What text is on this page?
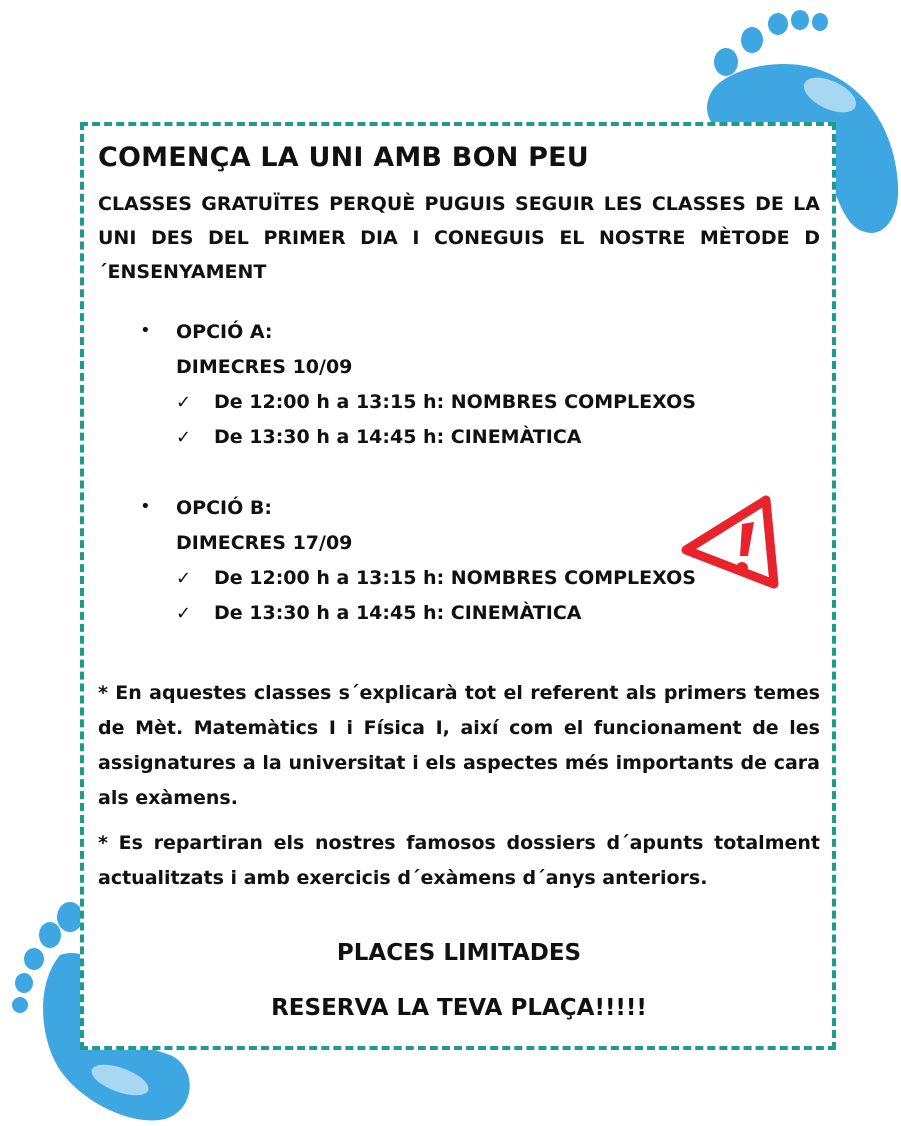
COMENÇA LA UNI AMB BON PEU

CLASSES GRATUÏTES PERQUÈ PUGUIS SEGUIR LES CLASSES DE LA UNI DES DEL PRIMER DIA I CONEGUIS EL NOSTRE MÈTODE D´ENSENYAMENT

• OPCIÓ A:
DIMECRES 10/09
✓ De 12:00 h a 13:15 h: NOMBRES COMPLEXOS
✓ De 13:30 h a 14:45 h: CINEMÀTICA
• OPCIÓ B:
DIMECRES 17/09
✓ De 12:00 h a 13:15 h: NOMBRES COMPLEXOS
✓ De 13:30 h a 14:45 h: CINEMÀTICA

* En aquestes classes s´explicarà tot el referent als primers temes de Mèt. Matemàtics I i Física I, així com el funcionament de les assignatures a la universitat i els aspectes més importants de cara als exàmens.

* Es repartiran els nostres famosos dossiers d´apunts totalment actualitzats i amb exercicis d´exàmens d´anys anteriors.

PLACES LIMITADES
RESERVA LA TEVA PLAÇA!!!!!
